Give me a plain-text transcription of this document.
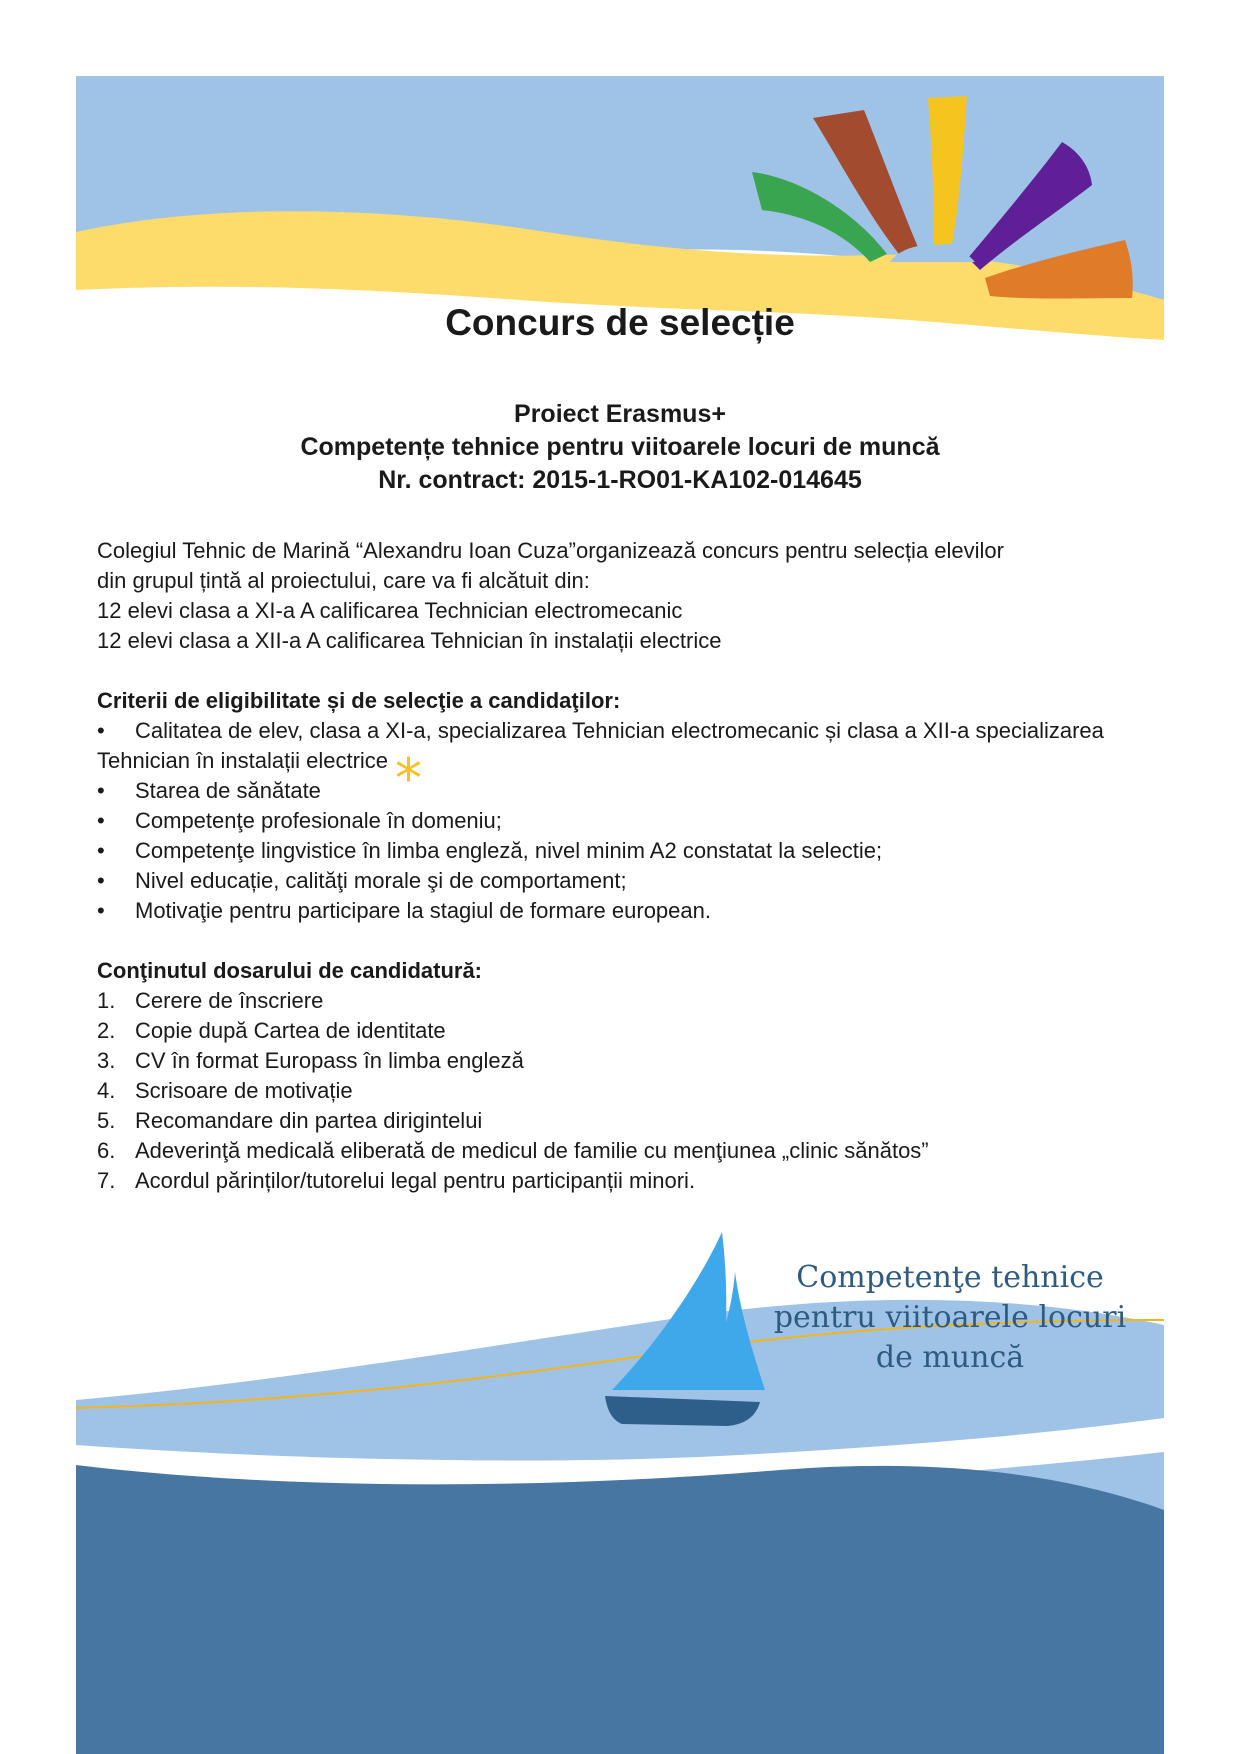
Concurs de selecție
Proiect Erasmus+
Competențe tehnice pentru viitoarele locuri de muncă
Nr. contract: 2015-1-RO01-KA102-014645

Colegiul Tehnic de Marină “Alexandru Ioan Cuza”organizează concurs pentru selecția elevilor

din grupul țintă al proiectului, care va fi alcătuit din:

12 elevi clasa a XI-a A calificarea Technician electromecanic

12 elevi clasa a XII-a A calificarea Tehnician în instalații electrice

Criterii de eligibilitate și de selecţie a candidaţilor:

• Calitatea de elev, clasa a XI-a, specializarea Tehnician electromecanic și clasa a XII-a specializarea Tehnician în instalații electrice
•	Starea de sănătate
•	Competenţe profesionale în domeniu;
•	Competenţe lingvistice în limba engleză, nivel minim A2 constatat la selectie;
•	Nivel educație, calităţi morale şi de comportament;
•	Motivaţie pentru participare la stagiul de formare european.

Conţinutul dosarului de candidatură:

1. Cerere de înscriere
2. Copie după Cartea de identitate
3. CV în format Europass în limba engleză
4. Scrisoare de motivație
5. Recomandare din partea dirigintelui
6. Adeverinţă medicală eliberată de medicul de familie cu menţiunea „clinic sănătos”
7. Acordul părinților/tutorelui legal pentru participanții minori.
*
Competenţe tehnice
pentru viitoarele locuri
de muncă
